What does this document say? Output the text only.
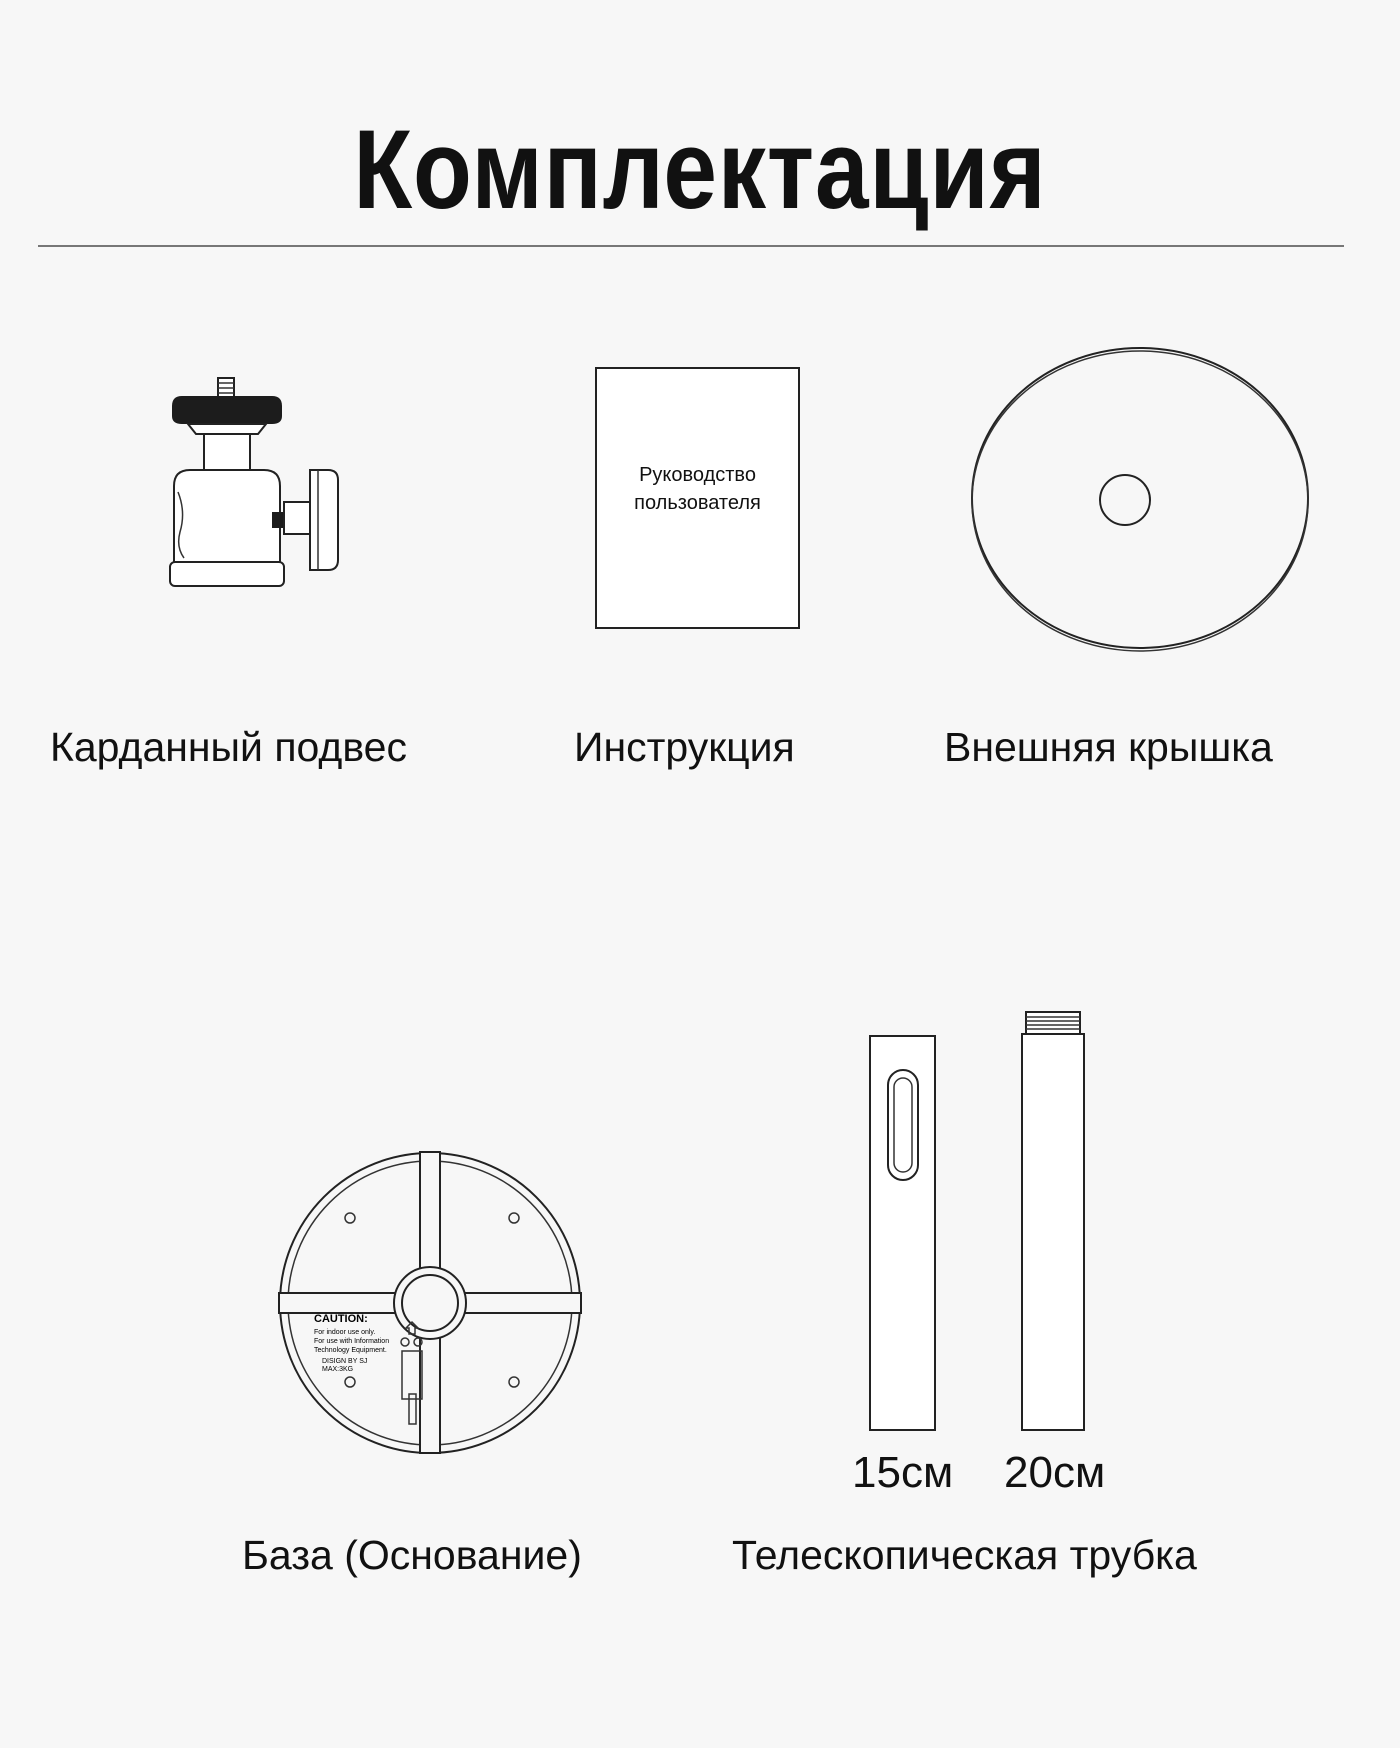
Комплектация
Руководство
пользователя
CAUTION:
For indoor use only.
For use with Information
Technology Equipment.
DISIGN BY SJ
MAX:3KG
15см 20см
Карданный подвес	Инструкция	Внешняя крышка
База (Основание)	Телескопическая трубка
